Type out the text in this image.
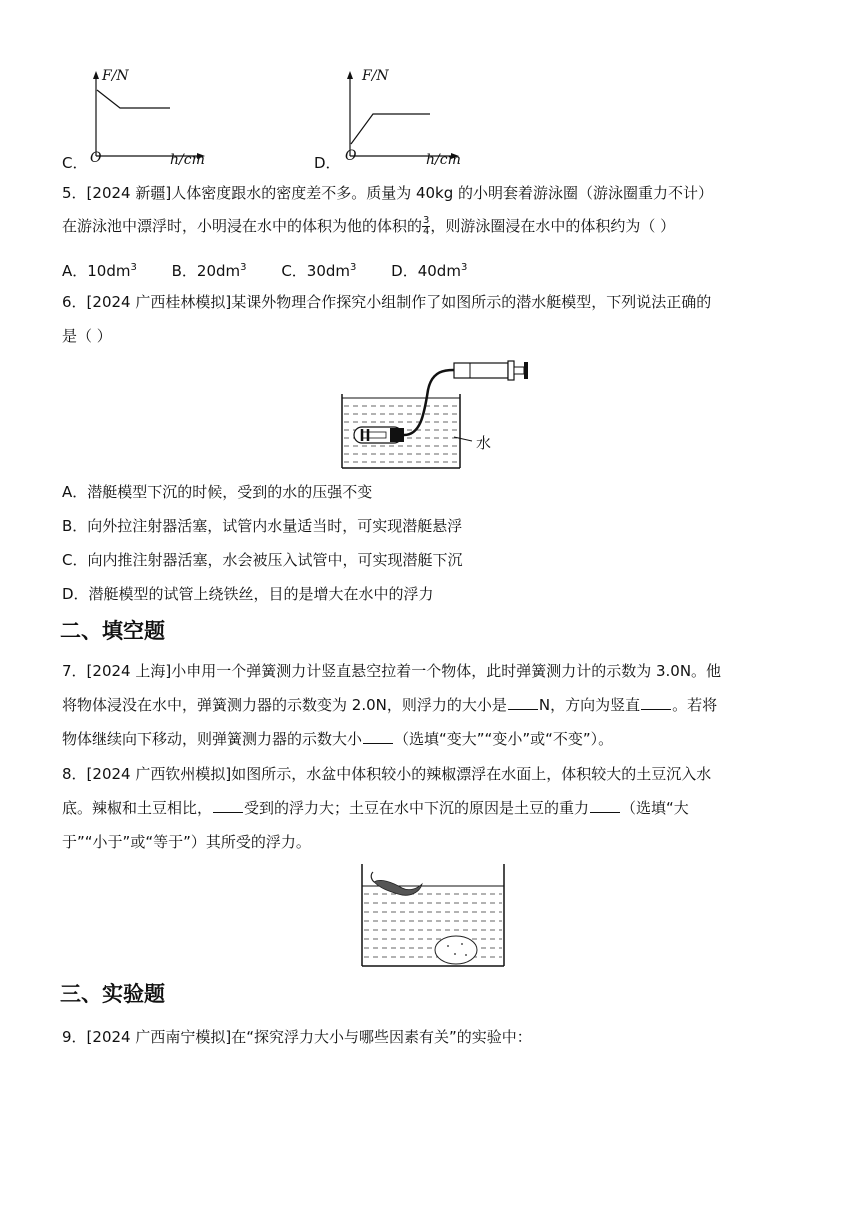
C．
F/N
O	h/cm	D．
F/N
O	h/cm
5．[2024 新疆]人体密度跟水的密度差不多。质量为 40kg 的小明套着游泳圈（游泳圈重力不计）
在游泳池中漂浮时，小明浸在水中的体积为他的体积的 $\frac{3}{4}$ ，则游泳圈浸在水中的体积约为（ ）
A．$10dm^3$ B．$20dm^3$ C．$30dm^3$ D．$40dm^3$
6．[2024 广西桂林模拟]某课外物理合作探究小组制作了如图所示的潜水艇模型，下列说法正确的
是（ ）
水
A．潜艇模型下沉的时候，受到的水的压强不变
B．向外拉注射器活塞，试管内水量适当时，可实现潜艇悬浮
C．向内推注射器活塞，水会被压入试管中，可实现潜艇下沉
D．潜艇模型的试管上绕铁丝，目的是增大在水中的浮力
二、填空题
7．[2024 上海]小申用一个弹簧测力计竖直悬空拉着一个物体，此时弹簧测力计的示数为 3.0N。他
将物体浸没在水中，弹簧测力器的示数变为 2.0N，则浮力的大小是 N，方向为竖直 。若将
物体继续向下移动，则弹簧测力器的示数大小 （选填“变大”“变小”或“不变”）。
8．[2024 广西钦州模拟]如图所示，水盆中体积较小的辣椒漂浮在水面上，体积较大的土豆沉入水
底。辣椒和土豆相比， 受到的浮力大；土豆在水中下沉的原因是土豆的重力 （选填“大
于”“小于”或“等于”）其所受的浮力。
三、实验题
9．[2024 广西南宁模拟]在“探究浮力大小与哪些因素有关”的实验中：
